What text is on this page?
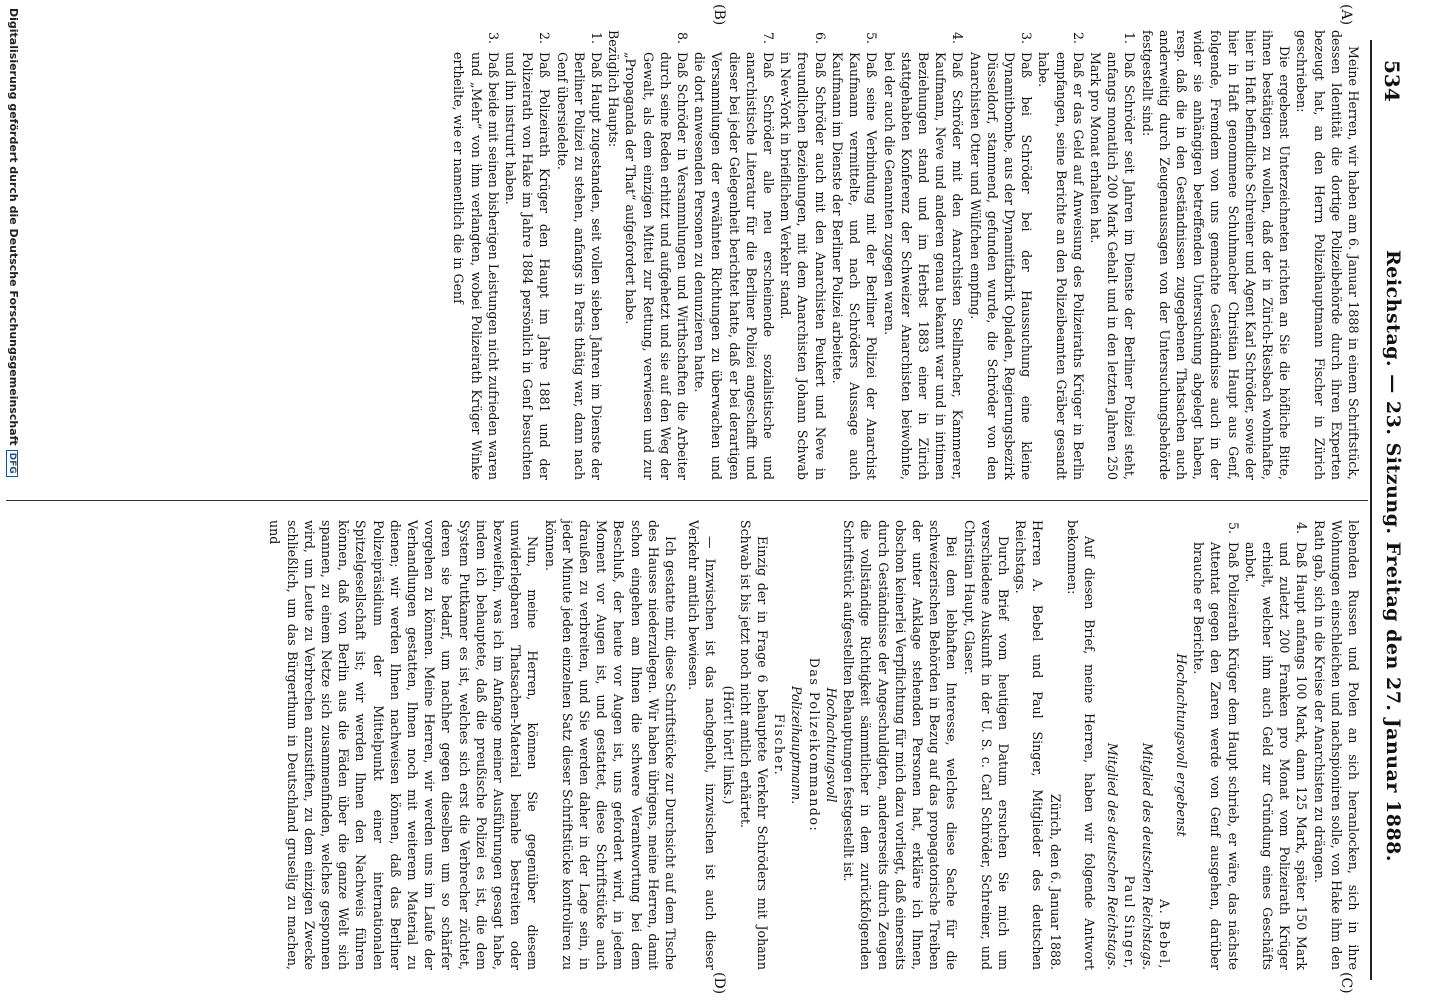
534
Reichstag. — 23. Sitzung. Freitag den 27. Januar 1888.
(A)
(B)
(C)
(D)

Meine Herren, wir haben am 6. Januar 1888 in einem Schriftstück, dessen Identität die dortige Polizeibehörde durch ihren Experten bezeugt hat, an den Herrn Polizeihauptmann Fischer in Zürich geschrieben:

Die ergebenst Unterzeichneten richten an Sie die höfliche Bitte, ihnen bestätigen zu wollen, daß der in Zürich-Riesbach wohnhafte, hier in Haft befindliche Schreiner und Agent Karl Schröder, sowie der hier in Haft genommene Schuhmacher Christian Haupt aus Genf, folgende, Fremdem von uns gemachte Geständnisse auch in der wider sie anhängigen betreffenden Untersuchung abgelegt haben, resp. daß die in den Geständnissen zugegebenen Thatsachen auch anderweitig durch Zeugenaussagen von der Untersuchungsbehörde festgestellt sind:

1.
Daß Schröder seit Jahren im Dienste der Berliner Polizei steht, anfangs monatlich 200 Mark Gehalt und in den letzten Jahren 250 Mark pro Monat erhalten hat.

2.
Daß er das Geld auf Anweisung des Polizeiraths Krüger in Berlin empfangen, seine Berichte an den Polizeibeamten Gräber gesandt habe.

3.
Daß bei Schröder bei der Haussuchung eine kleine Dynamitbombe, aus der Dynamitfabrik Opladen, Regierungsbezirk Düsseldorf, stammend, gefunden wurde, die Schröder von den Anarchisten Otter und Wülfchen empfing.

4.
Daß Schröder mit den Anarchisten Stellmacher, Kammerer, Kaufmann, Neve und anderen genau bekannt war und in intimen Beziehungen stand und im Herbst 1883 einer in Zürich stattgehabten Konferenz der Schweizer Anarchisten beiwohnte, bei der auch die Genannten zugegen waren.

5.
Daß seine Verbindung mit der Berliner Polizei der Anarchist Kaufmann vermittelte, und nach Schröders Aussage auch Kaufmann im Dienste der Berliner Polizei arbeitete.

6.
Daß Schröder auch mit den Anarchisten Peukert und Neve in freundlichen Beziehungen, mit dem Anarchisten Johann Schwab in New-York in brieflichem Verkehr stand.

7.
Daß Schröder alle neu erscheinende sozialistische und anarchistische Literatur für die Berliner Polizei angeschafft und dieser bei jeder Gelegenheit berichtet hatte, daß er bei derartigen Versammlungen der erwähnten Richtungen zu überwachen und die dort anwesenden Personen zu denunzieren hatte.

8.
Daß Schröder in Versammlungen und Wirthschaften die Arbeiter durch seine Reden erhitzt und aufgehetzt und sie auf den Weg der Gewalt, als dem einzigen Mittel zur Rettung, verwiesen und zur „Propaganda der That“ aufgefordert habe.

Bezüglich Haupts:

1.
Daß Haupt zugestanden, seit vollen sieben Jahren im Dienste der Berliner Polizei zu stehen, anfangs in Paris thätig war, dann nach Genf übersiedelte.

2.
Daß Polizeirath Krüger den Haupt im Jahre 1881 und der Polizeirath von Hake im Jahre 1884 persönlich in Genf besuchten und ihn instruirt haben.

3.
Daß beide mit seinen bisherigen Leistungen nicht zufrieden waren und „Mehr“ von ihm verlangten, wobei Polizeirath Krüger Winke ertheilte, wie er namentlich die in Genf

lebenden Russen und Polen an sich heranlocken, sich in ihre Wohnungen einschleichen und nachspioniren solle, von Hake ihm den Rath gab, sich in die Kreise der Anarchisten zu drängen.

4.
Daß Haupt anfangs 100 Mark, dann 125 Mark, später 150 Mark und zuletzt 200 Franken pro Monat vom Polizeirath Krüger erhielt, welcher ihm auch Geld zur Gründung eines Geschäfts anbot.

5.
Daß Polizeirath Krüger dem Haupt schrieb, er wäre, das nächste Attentat gegen den Zaren werde von Genf ausgehen, darüber brauche er Berichte.

Hochachtungsvoll ergebenst

A. Bebel,

Mitglied des deutschen Reichstags.

Paul Singer,

Mitglied des deutschen Reichstags.

Auf diesen Brief, meine Herren, haben wir folgende Antwort bekommen:

Zürich, den 6. Januar 1888.

Herren A. Bebel und Paul Singer, Mitglieder des deutschen Reichstags.

Durch Brief vom heutigen Datum ersuchen Sie mich um verschiedene Auskunft in der U. S. c. Carl Schröder, Schreiner, und Christian Haupt, Glaser.

Bei dem lebhaften Interesse, welches diese Sache für die schweizerischen Behörden in Bezug auf das propagatorische Treiben der unter Anklage stehenden Personen hat, erkläre ich Ihnen, obschon keinerlei Verpflichtung für mich dazu vorliegt, daß einerseits durch Geständnisse der Angeschuldigten, andererseits durch Zeugen die vollständige Richtigkeit sämmtlicher in dem zurückfolgenden Schriftstück aufgestellten Behauptungen festgestellt ist.

Hochachtungsvoll

Das Polizeikommando:

Polizeihauptmann.

Fischer.

Einzig der in Frage 6 behauptete Verkehr Schröders mit Johann Schwab ist bis jetzt noch nicht amtlich erhärtet.

(Hört! hört! links.)

— Inzwischen ist das nachgeholt, inzwischen ist auch dieser Verkehr amtlich bewiesen.

Ich gestatte mir, diese Schriftstücke zur Durchsicht auf dem Tische des Hauses niederzulegen. Wir haben übrigens, meine Herren, damit schon eingehen am Ihnen die schwere Verantwortung bei dem Beschluß, der heute vor Augen ist, uns gefordert wird, in jedem Moment vor Augen ist, und gestattet, diese Schriftstücke auch draußen zu verbreiten, und Sie werden daher in der Lage sein, in jeder Minute jeden einzelnen Satz dieser Schriftstücke kontroliren zu können.

Nun, meine Herren, können Sie gegenüber diesem unwiderlegbaren Thatsachen-Material beinahe bestreiten oder bezweifeln, was ich im Anfange meiner Ausführungen gesagt habe, indem ich behauptete, daß die preußische Polizei es ist, die dem System Puttkamer es ist, welches sich erst die Verbrecher züchtet, deren sie bedarf, um nachher gegen dieselben um so schärfer vorgehen zu können. Meine Herren, wir werden uns im Laufe der Verhandlungen gestatten, Ihnen noch mit weiterem Material zu dienen; wir werden Ihnen nachweisen können, daß das Berliner Polizeipräsidium der Mittelpunkt einer internationalen Spitzelgesellschaft ist; wir werden Ihnen den Nachweis führen können, daß von Berlin aus die Fäden über die ganze Welt sich spannen, zu einem Netze sich zusammenfinden, welches gesponnen wird, um Leute zu Verbrechen anzustiften, zu dem einzigen Zwecke schließlich, um das Bürgerthum in Deutschland gruselig zu machen, und

Digitalisierung gefördert durch die Deutsche ForschungsgemeinschaftDFG
